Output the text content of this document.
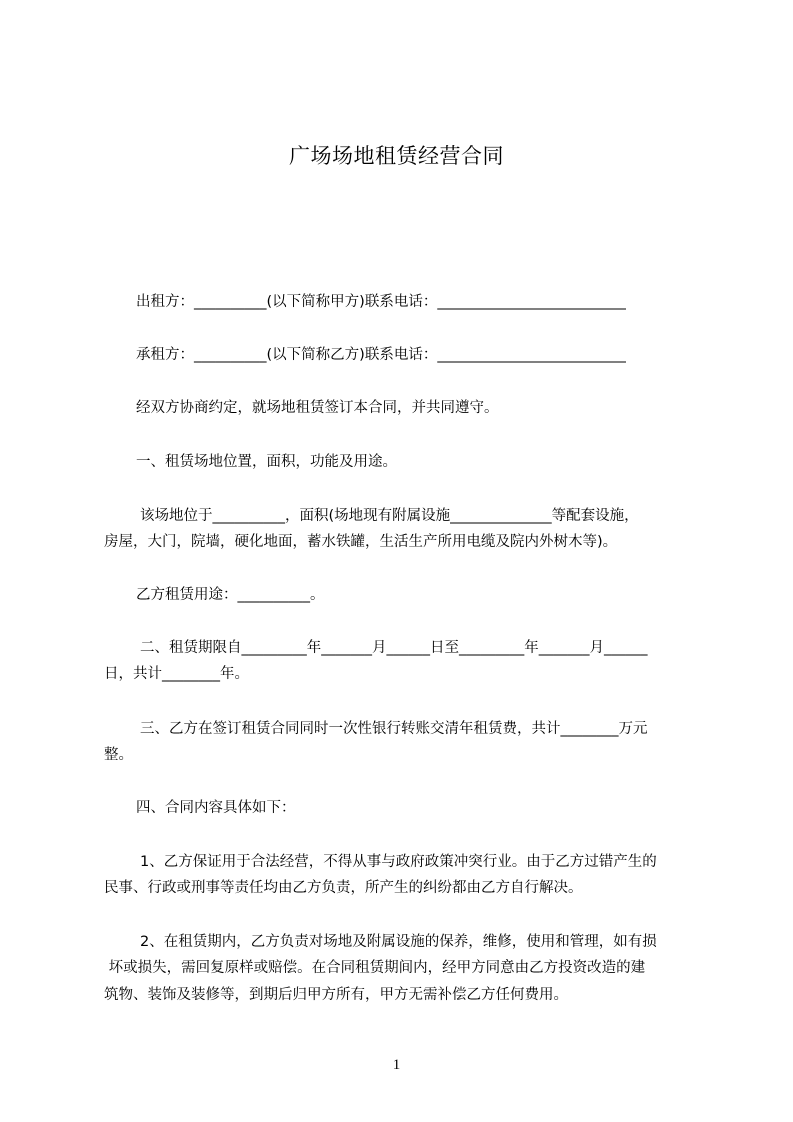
广场场地租赁经营合同
出租方：__________(以下简称甲方)联系电话：__________________________
承租方：__________(以下简称乙方)联系电话：__________________________
经双方协商约定，就场地租赁签订本合同，并共同遵守。
一、租赁场地位置，面积，功能及用途。
该场地位于__________，面积(场地现有附属设施______________等配套设施，
房屋，大门，院墙，硬化地面，蓄水铁罐，生活生产所用电缆及院内外树木等)。
乙方租赁用途：__________。
二、租赁期限自_________年_______月______日至_________年_______月______
日，共计________年。
三、乙方在签订租赁合同同时一次性银行转账交清年租赁费，共计________万元
整。
四、合同内容具体如下：
1、乙方保证用于合法经营，不得从事与政府政策冲突行业。由于乙方过错产生的
民事、行政或刑事等责任均由乙方负责，所产生的纠纷都由乙方自行解决。
2、在租赁期内，乙方负责对场地及附属设施的保养，维修，使用和管理，如有损
坏或损失，需回复原样或赔偿。在合同租赁期间内，经甲方同意由乙方投资改造的建
筑物、装饰及装修等，到期后归甲方所有，甲方无需补偿乙方任何费用。
1
